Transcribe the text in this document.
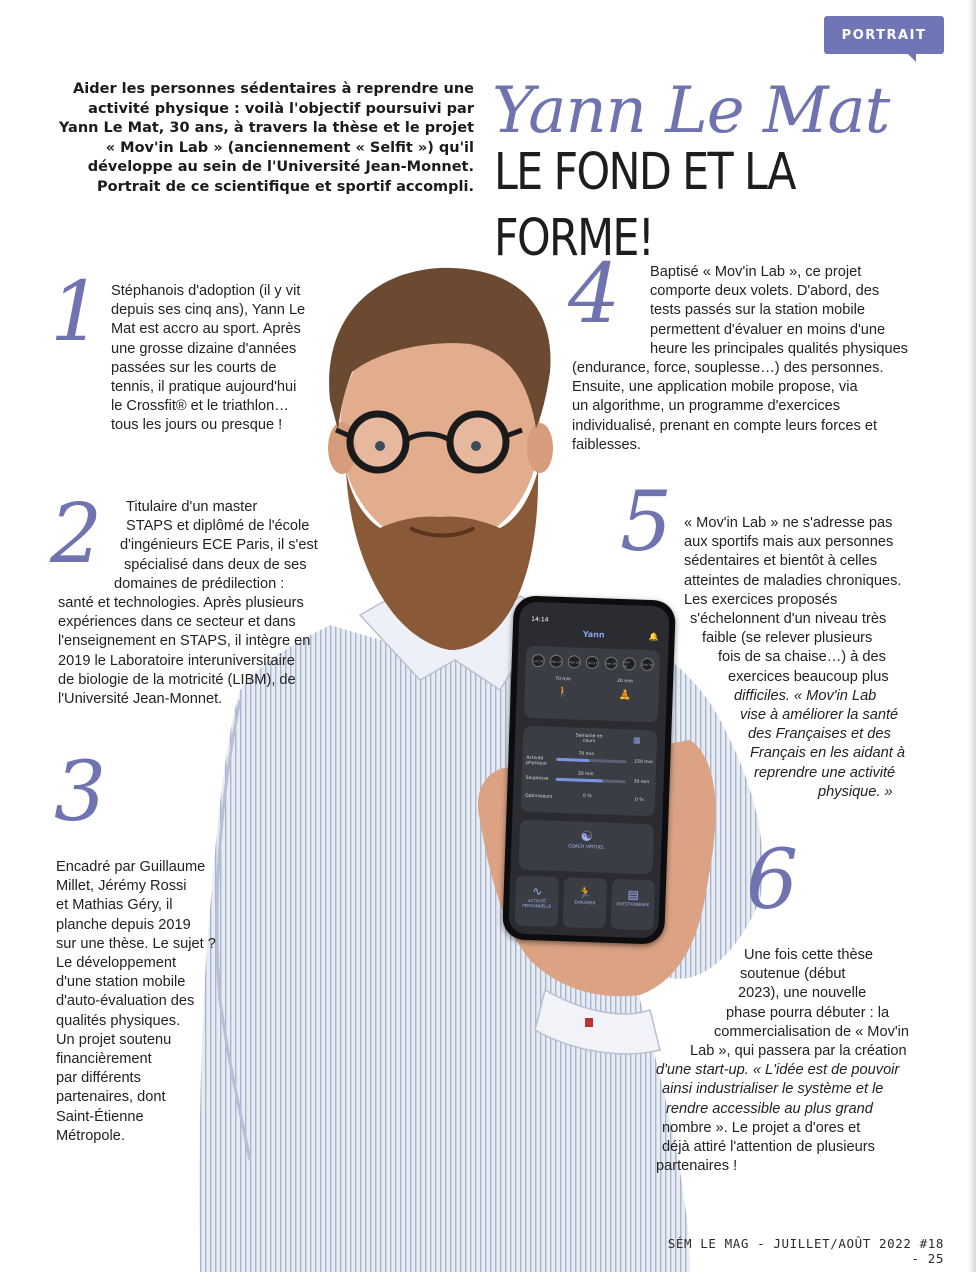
PORTRAIT
Aider les personnes sédentaires à reprendre une
activité physique : voilà l'objectif poursuivi par
Yann Le Mat, 30 ans, à travers la thèse et le projet
« Mov'in Lab » (anciennement « Selfit ») qu'il
développe au sein de l'Université Jean-Monnet.
Portrait de ce scientifique et sportif accompli.
Yann Le Mat
LE FOND ET LA FORME!
1
2
3
4
5
6
Stéphanois d'adoption (il y vit
depuis ses cinq ans), Yann Le
Mat est accro au sport. Après
une grosse dizaine d'années
passées sur les courts de
tennis, il pratique aujourd'hui
le Crossfit® et le triathlon…
tous les jours ou presque !
Titulaire d'un master
STAPS et diplômé de l'école
d'ingénieurs ECE Paris, il s'est
spécialisé dans deux de ses
domaines de prédilection :
santé et technologies. Après plusieurs
expériences dans ce secteur et dans
l'enseignement en STAPS, il intègre en
2019 le Laboratoire interuniversitaire
de biologie de la motricité (LIBM), de
l'Université Jean-Monnet.
Encadré par Guillaume
Millet, Jérémy Rossi
et Mathias Géry, il
planche depuis 2019
sur une thèse. Le sujet ?
Le développement
d'une station mobile
d'auto-évaluation des
qualités physiques.
Un projet soutenu
financièrement
par différents
partenaires, dont
Saint-Étienne
Métropole.
Baptisé « Mov'in Lab », ce projet
comporte deux volets. D'abord, des
tests passés sur la station mobile
permettent d'évaluer en moins d'une
heure les principales qualités physiques
(endurance, force, souplesse…) des personnes.
Ensuite, une application mobile propose, via
un algorithme, un programme d'exercices
individualisé, prenant en compte leurs forces et
faiblesses.
« Mov'in Lab » ne s'adresse pas
aux sportifs mais aux personnes
sédentaires et bientôt à celles
atteintes de maladies chroniques.
Les exercices proposés
s'échelonnent d'un niveau très
faible (se relever plusieurs
fois de sa chaise…) à des
exercices beaucoup plus
difficiles. « Mov'in Lab
vise à améliorer la santé
des Françaises et des
Français en les aidant à
reprendre une activité
physique. »
Une fois cette thèse
soutenue (début
2023), une nouvelle
phase pourra débuter : la
commercialisation de « Mov'in
Lab », qui passera par la création
d'une start-up. « L'idée est de pouvoir
ainsi industrialiser le système et le
rendre accessible au plus grand
nombre ». Le projet a d'ores et
déjà attiré l'attention de plusieurs
partenaires !
14:14
Yann	🔔
Lun 24	Mar 25	Mer 26	Jeu 27	Ven 28	Sam 29	Dim 30
70 min	20 min
🚶	🧘
Semaine en cours	▦
Activité physique
70 min
150 min
Souplesse
20 min
30 min
Optimiseurs	0 %
0 %
☯
COACH VIRTUEL
∿
ACTIVITÉ PERSONNELLE
🏃
EXPLORER
▤
QUESTIONNAIRE
SÉM LE MAG - JUILLET/AOÛT 2022 #18 - 25
